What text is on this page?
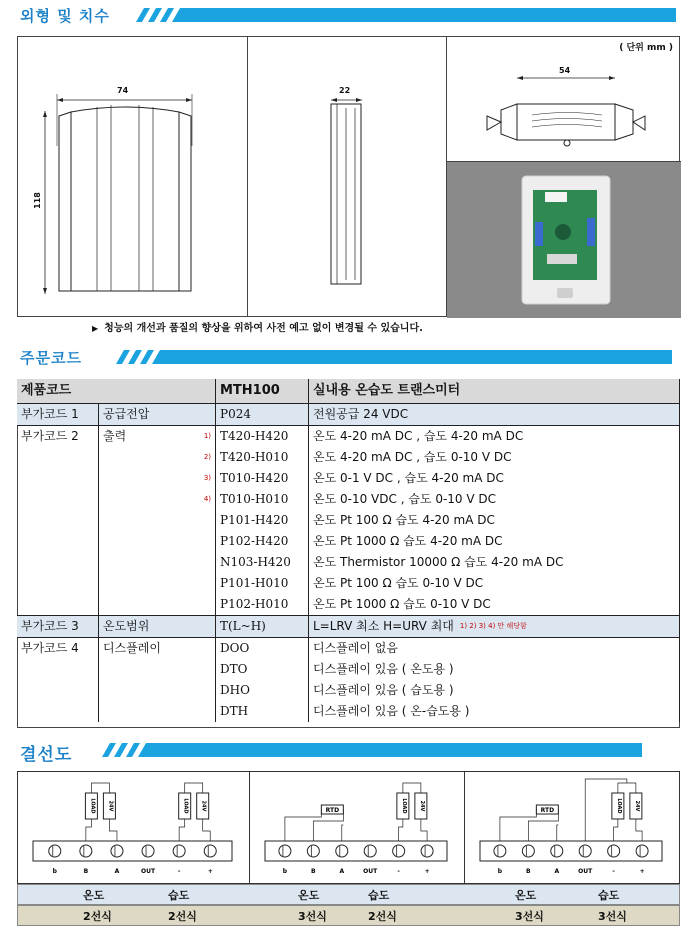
외형 및 치수
74
118
22
( 단위 mm )
54
▶ 청능의 개선과 품질의 향상을 위하여 사전 예고 없이 변경될 수 있습니다.
주문코드
제품코드		MTH100	실내용 온습도 트랜스미터
부가코드 1	공급전압	P024	전원공급 24 VDC
부가코드 2	출력 1)	T420-H420	온도 4-20 mA DC , 습도 4-20 mA DC

	2)	T420-H010	온도 4-20 mA DC , 습도 0-10 V DC

	3)	T010-H420	온도 0-1 V DC , 습도 4-20 mA DC

	4)	T010-H010	온도 0-10 VDC , 습도 0-10 V DC
		P101-H420	온도 Pt 100 Ω 습도 4-20 mA DC
		P102-H420	온도 Pt 1000 Ω 습도 4-20 mA DC
		N103-H420	온도 Thermistor 10000 Ω 습도 4-20 mA DC
		P101-H010	온도 Pt 100 Ω 습도 0-10 V DC
		P102-H010	온도 Pt 1000 Ω 습도 0-10 V DC
부가코드 3	온도범위	T(L~H)	L=LRV 최소 H=URV 최대 $^{1) 2) 3) 4) 만 해당함}$
부가코드 4	디스플레이	DOO	디스플레이 없음
		DTO	디스플레이 있음 ( 온도용 )
		DHO	디스플레이 있음 ( 습도용 )
		DTH	디스플레이 있음 ( 온-습도용 )
결선도
b	B	A	OUT	-	+
LOAD 24V	LOAD 24V
b	B	A	OUT	-	+
LOAD 24V
RTD
b	B	A	OUT	-	+
LOAD 24V
RTD
온도	습도
2선식	2선식
온도	습도
3선식	2선식
온도	습도
3선식	3선식
